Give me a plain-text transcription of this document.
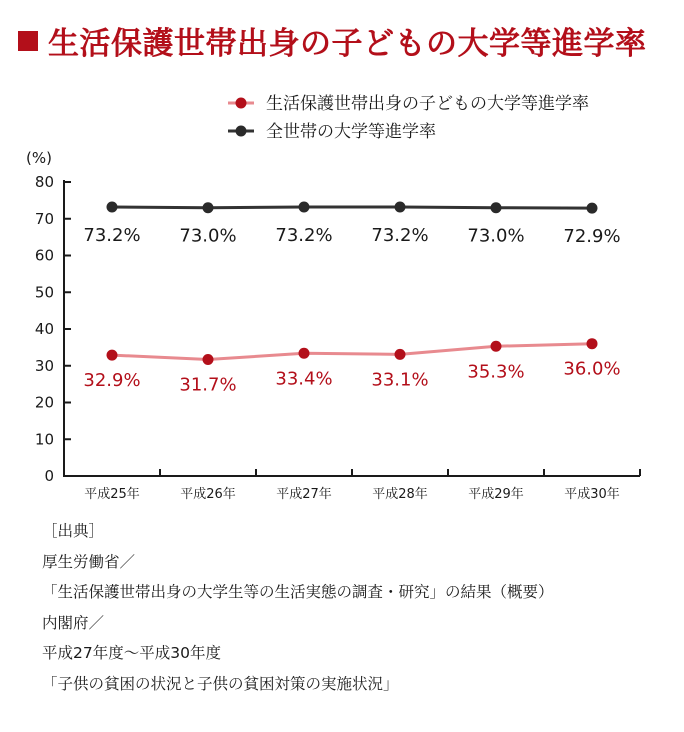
生活保護世帯出身の子どもの大学等進学率
生活保護世帯出身の子どもの大学等進学率
全世帯の大学等進学率
0
10
20
30
40
50
60
70
80
(%)
平成25年	平成26年	平成27年	平成28年	平成29年	平成30年
32.9% 31.7% 33.4% 33.1% 35.3% 36.0%
73.2% 73.0% 73.2% 73.2% 73.0% 72.9%
［出典］
厚生労働省／
「生活保護世帯出身の大学生等の生活実態の調査・研究」の結果（概要）
内閣府／
平成27年度～平成30年度
「子供の貧困の状況と子供の貧困対策の実施状況」
